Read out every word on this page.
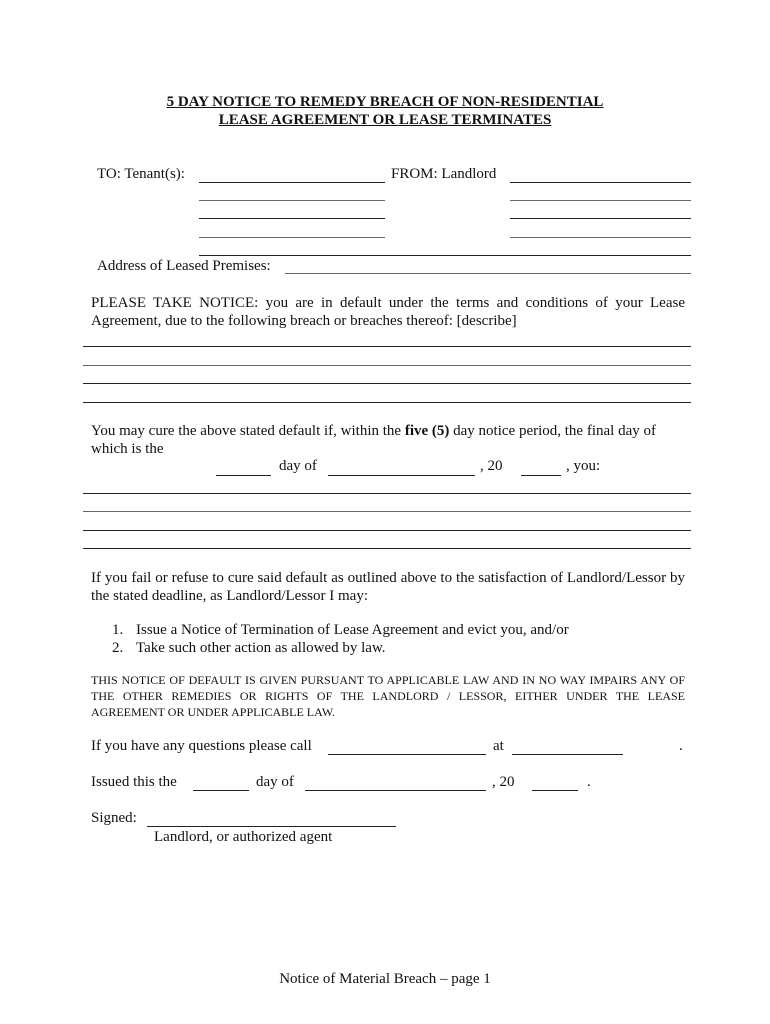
5 DAY NOTICE TO REMEDY BREACH OF NON-RESIDENTIAL
LEASE AGREEMENT OR LEASE TERMINATES
TO: Tenant(s):	FROM: Landlord
Address of Leased Premises:
PLEASE TAKE NOTICE: you are in default under the terms and conditions of your Lease Agreement, due to the following breach or breaches thereof: [describe]
You may cure the above stated default if, within the five (5) day notice period, the final day of which is the
day of	, 20	, you:
If you fail or refuse to cure said default as outlined above to the satisfaction of Landlord/Lessor by the stated deadline, as Landlord/Lessor I may:
1. Issue a Notice of Termination of Lease Agreement and evict you, and/or
2. Take such other action as allowed by law.
THIS NOTICE OF DEFAULT IS GIVEN PURSUANT TO APPLICABLE LAW AND IN NO WAY IMPAIRS ANY OF THE OTHER REMEDIES OR RIGHTS OF THE LANDLORD / LESSOR, EITHER UNDER THE LEASE AGREEMENT OR UNDER APPLICABLE LAW.
If you have any questions please call	at	.
Issued this the	day of	, 20	.
Signed:
Landlord, or authorized agent
Notice of Material Breach – page 1
